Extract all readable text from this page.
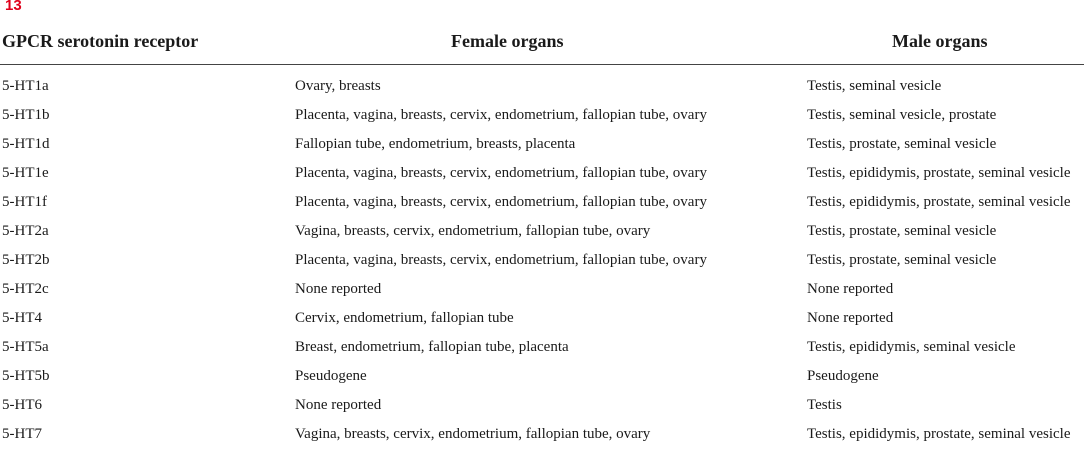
13
GPCR serotonin receptor	Female organs	Male organs
5-HT1a	Ovary, breasts	Testis, seminal vesicle
5-HT1b	Placenta, vagina, breasts, cervix, endometrium, fallopian tube, ovary	Testis, seminal vesicle, prostate
5-HT1d	Fallopian tube, endometrium, breasts, placenta	Testis, prostate, seminal vesicle
5-HT1e	Placenta, vagina, breasts, cervix, endometrium, fallopian tube, ovary	Testis, epididymis, prostate, seminal vesicle
5-HT1f	Placenta, vagina, breasts, cervix, endometrium, fallopian tube, ovary	Testis, epididymis, prostate, seminal vesicle
5-HT2a	Vagina, breasts, cervix, endometrium, fallopian tube, ovary	Testis, prostate, seminal vesicle
5-HT2b	Placenta, vagina, breasts, cervix, endometrium, fallopian tube, ovary	Testis, prostate, seminal vesicle
5-HT2c	None reported	None reported
5-HT4	Cervix, endometrium, fallopian tube	None reported
5-HT5a	Breast, endometrium, fallopian tube, placenta	Testis, epididymis, seminal vesicle
5-HT5b	Pseudogene	Pseudogene
5-HT6	None reported	Testis
5-HT7	Vagina, breasts, cervix, endometrium, fallopian tube, ovary	Testis, epididymis, prostate, seminal vesicle
